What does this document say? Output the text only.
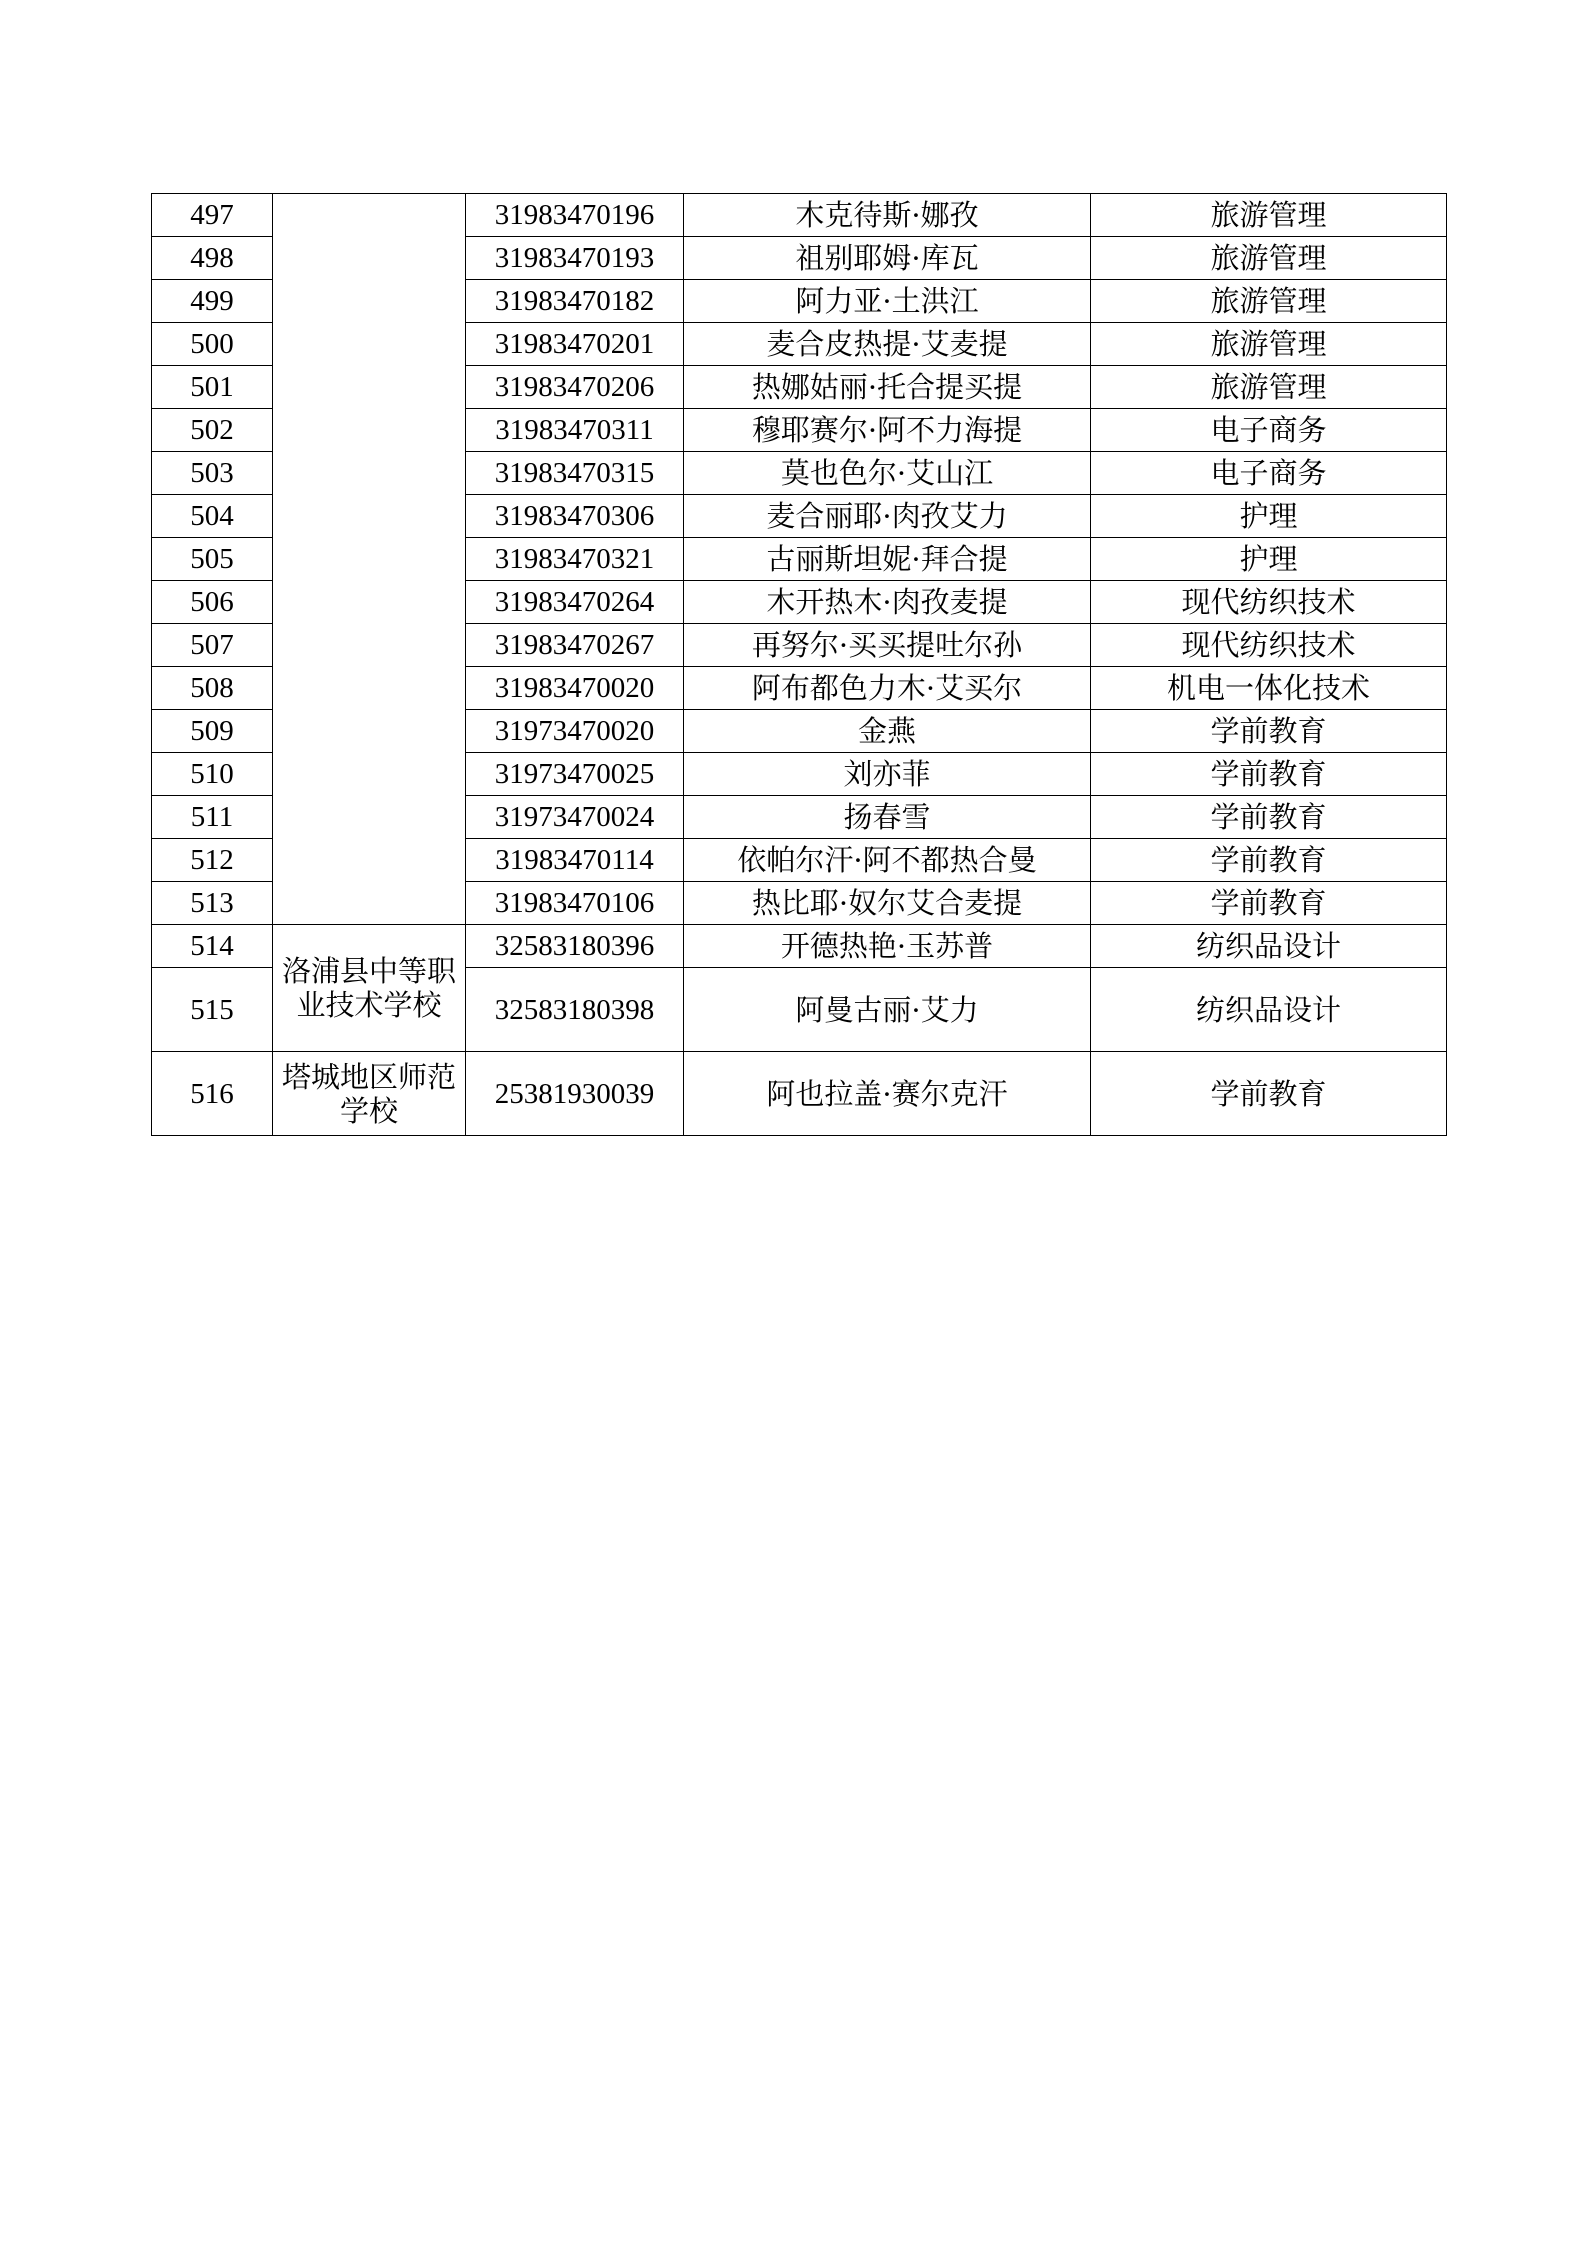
497		31983470196	木克待斯·娜孜	旅游管理
498		31983470193	祖别耶姆·库瓦	旅游管理
499		31983470182	阿力亚·土洪江	旅游管理
500		31983470201	麦合皮热提·艾麦提	旅游管理
501		31983470206	热娜姑丽·托合提买提	旅游管理
502		31983470311	穆耶赛尔·阿不力海提	电子商务
503		31983470315	莫也色尔·艾山江	电子商务
504		31983470306	麦合丽耶·肉孜艾力	护理
505		31983470321	古丽斯坦妮·拜合提	护理
506		31983470264	木开热木·肉孜麦提	现代纺织技术
507		31983470267	再努尔·买买提吐尔孙	现代纺织技术
508		31983470020	阿布都色力木·艾买尔	机电一体化技术
509		31973470020	金燕	学前教育
510		31973470025	刘亦菲	学前教育
511		31973470024	扬春雪	学前教育
512		31983470114	依帕尔汗·阿不都热合曼	学前教育
513		31983470106	热比耶·奴尔艾合麦提	学前教育
514	洛浦县中等职业技术学校	32583180396	开德热艳·玉苏普	纺织品设计
515		32583180398	阿曼古丽·艾力	纺织品设计
516	塔城地区师范学校	25381930039	阿也拉盖·赛尔克汗	学前教育
